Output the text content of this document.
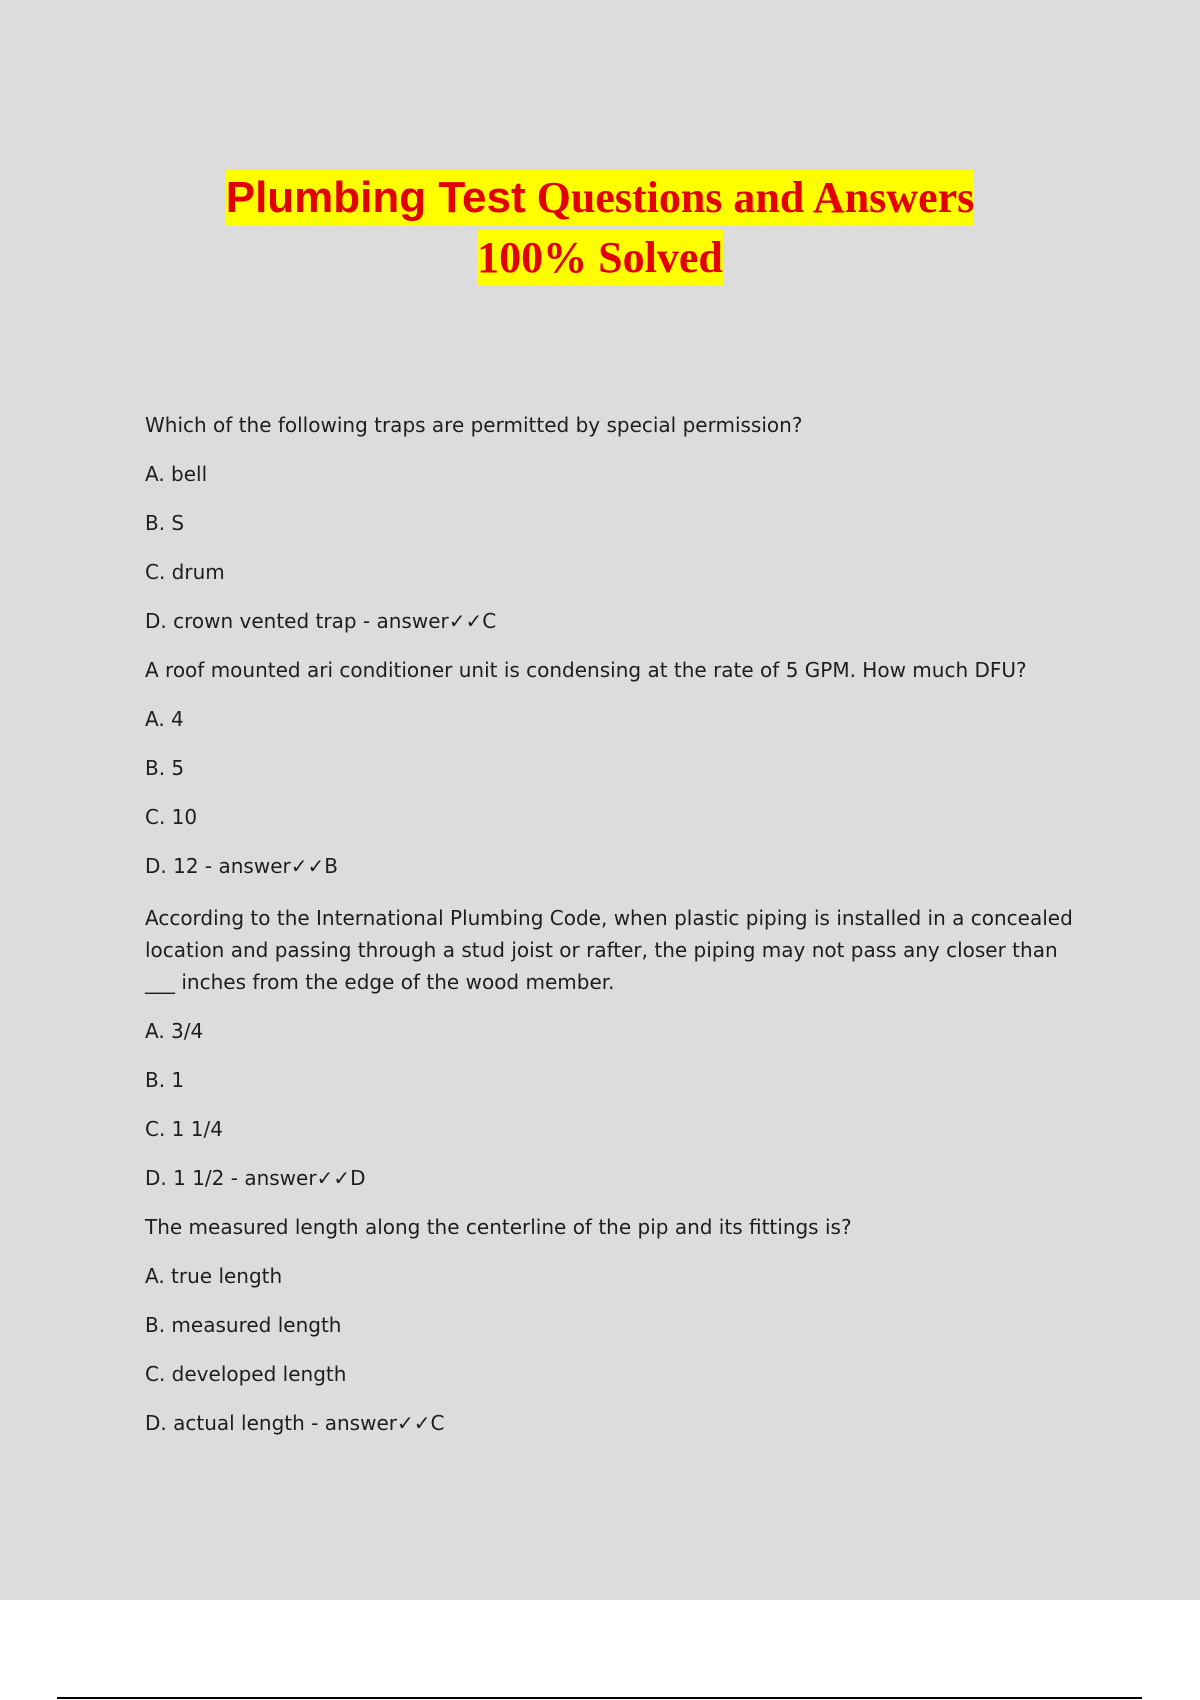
Plumbing Test Questions and Answers
100% Solved
Which of the following traps are permitted by special permission?
A. bell
B. S
C. drum
D. crown vented trap - answer✓✓C
A roof mounted ari conditioner unit is condensing at the rate of 5 GPM. How much DFU?
A. 4
B. 5
C. 10
D. 12 - answer✓✓B
According to the International Plumbing Code, when plastic piping is installed in a concealed location and passing through a stud joist or rafter, the piping may not pass any closer than ___ inches from the edge of the wood member.
A. 3/4
B. 1
C. 1 1/4
D. 1 1/2 - answer✓✓D
The measured length along the centerline of the pip and its fittings is?
A. true length
B. measured length
C. developed length
D. actual length - answer✓✓C
